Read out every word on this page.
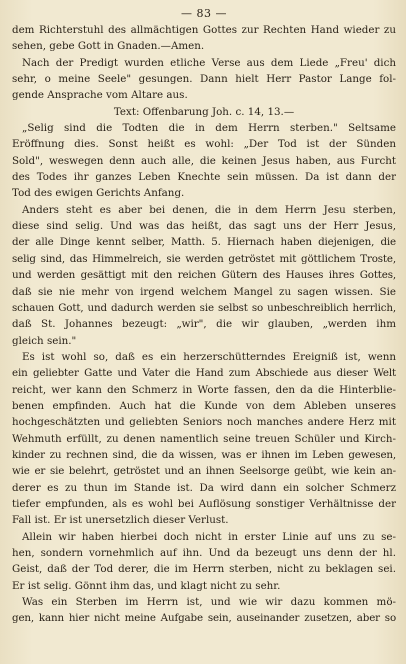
— 83 —
dem Richterstuhl des allmächtigen Gottes zur Rechten Hand wieder zu
sehen, gebe Gott in Gnaden.—Amen.
Nach der Predigt wurden etliche Verse aus dem Liede „Freu' dich
sehr, o meine Seele" gesungen. Dann hielt Herr Pastor Lange fol-
gende Ansprache vom Altare aus.
Text: Offenbarung Joh. c. 14, 13.—
„Selig sind die Todten die in dem Herrn sterben." Seltsame
Eröffnung dies. Sonst heißt es wohl: „Der Tod ist der Sünden
Sold", weswegen denn auch alle, die keinen Jesus haben, aus Furcht
des Todes ihr ganzes Leben Knechte sein müssen. Da ist dann der
Tod des ewigen Gerichts Anfang.
Anders steht es aber bei denen, die in dem Herrn Jesu sterben,
diese sind selig. Und was das heißt, das sagt uns der Herr Jesus,
der alle Dinge kennt selber, Matth. 5. Hiernach haben diejenigen, die
selig sind, das Himmelreich, sie werden getröstet mit göttlichem Troste,
und werden gesättigt mit den reichen Gütern des Hauses ihres Gottes,
daß sie nie mehr von irgend welchem Mangel zu sagen wissen. Sie
schauen Gott, und dadurch werden sie selbst so unbeschreiblich herrlich,
daß St. Johannes bezeugt: „wir", die wir glauben, „werden ihm
gleich sein."
Es ist wohl so, daß es ein herzerschütterndes Ereigniß ist, wenn
ein geliebter Gatte und Vater die Hand zum Abschiede aus dieser Welt
reicht, wer kann den Schmerz in Worte fassen, den da die Hinterblie-
benen empfinden. Auch hat die Kunde von dem Ableben unseres
hochgeschätzten und geliebten Seniors noch manches andere Herz mit
Wehmuth erfüllt, zu denen namentlich seine treuen Schüler und Kirch-
kinder zu rechnen sind, die da wissen, was er ihnen im Leben gewesen,
wie er sie belehrt, getröstet und an ihnen Seelsorge geübt, wie kein an-
derer es zu thun im Stande ist. Da wird dann ein solcher Schmerz
tiefer empfunden, als es wohl bei Auflösung sonstiger Verhältnisse der
Fall ist. Er ist unersetzlich dieser Verlust.
Allein wir haben hierbei doch nicht in erster Linie auf uns zu se-
hen, sondern vornehmlich auf ihn. Und da bezeugt uns denn der hl.
Geist, daß der Tod derer, die im Herrn sterben, nicht zu beklagen sei.
Er ist selig. Gönnt ihm das, und klagt nicht zu sehr.
Was ein Sterben im Herrn ist, und wie wir dazu kommen mö-
gen, kann hier nicht meine Aufgabe sein, auseinander zusetzen, aber so
